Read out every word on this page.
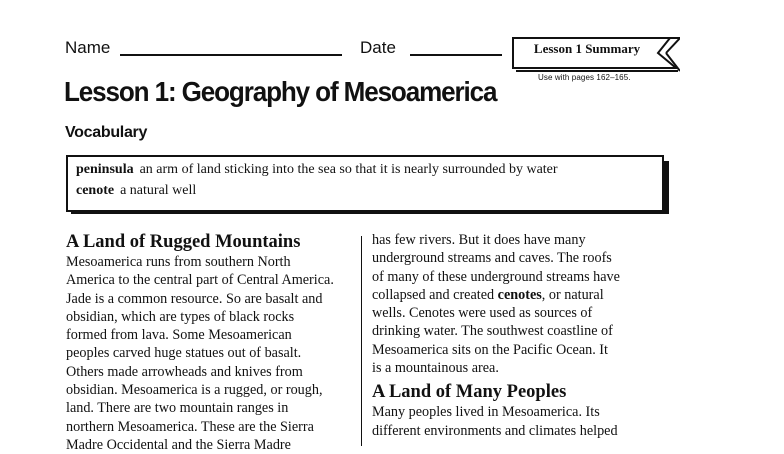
Name	Date	Lesson 1 Summary
Use with pages 162–165.
Lesson 1: Geography of Mesoamerica
Vocabulary
peninsula an arm of land sticking into the sea so that it is nearly surrounded by water
cenote a natural well
A Land of Rugged Mountains
Mesoamerica runs from southern North
America to the central part of Central America.
Jade is a common resource. So are basalt and
obsidian, which are types of black rocks
formed from lava. Some Mesoamerican
peoples carved huge statues out of basalt.
Others made arrowheads and knives from
obsidian. Mesoamerica is a rugged, or rough,
land. There are two mountain ranges in
northern Mesoamerica. These are the Sierra
Madre Occidental and the Sierra Madre
has few rivers. But it does have many
underground streams and caves. The roofs
of many of these underground streams have
collapsed and created cenotes, or natural
wells. Cenotes were used as sources of
drinking water. The southwest coastline of
Mesoamerica sits on the Pacific Ocean. It
is a mountainous area.
A Land of Many Peoples
Many peoples lived in Mesoamerica. Its
different environments and climates helped
